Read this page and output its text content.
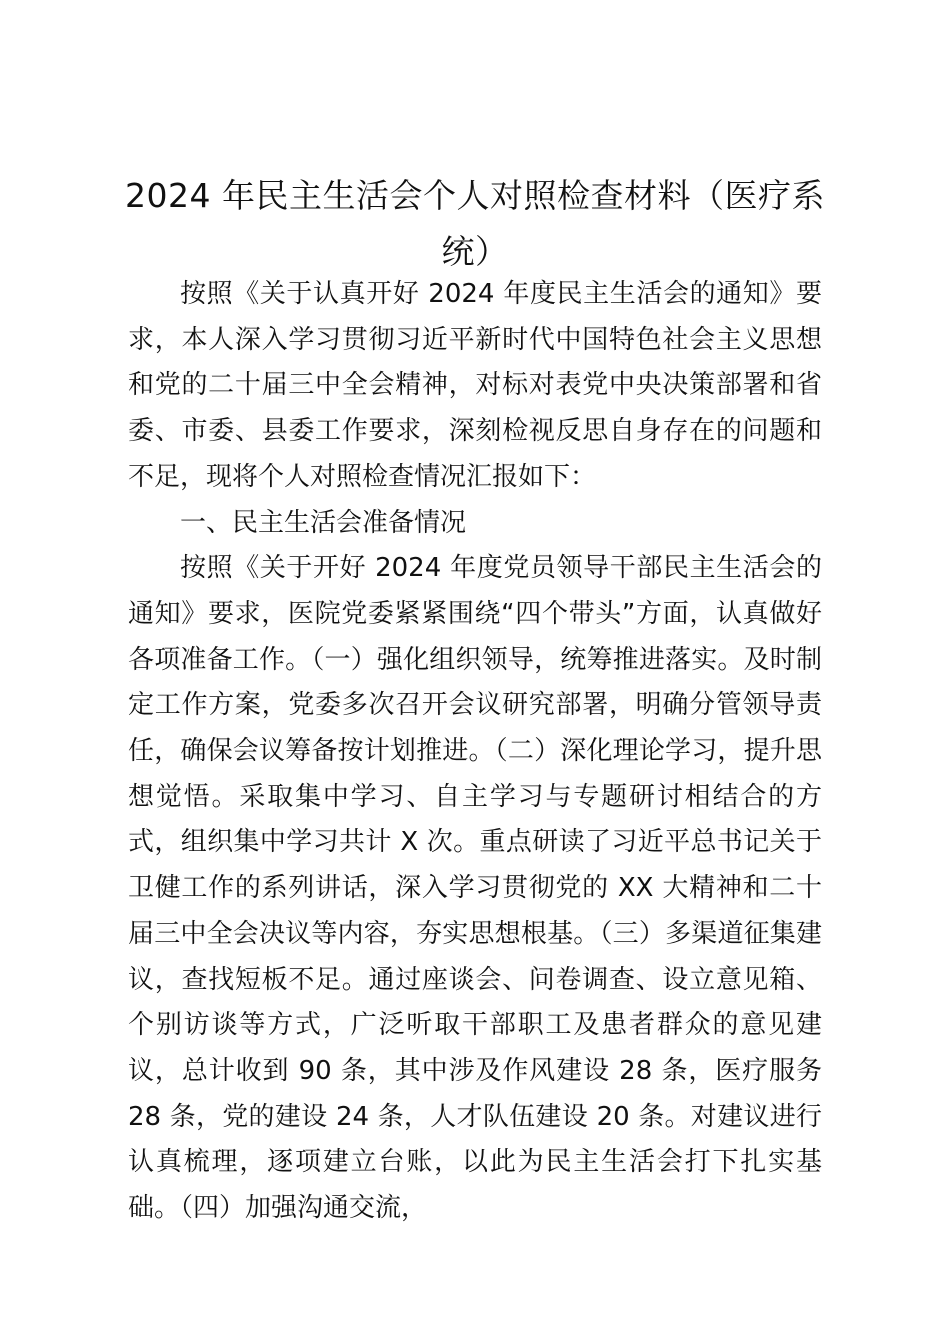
2024 年民主生活会个人对照检查材料（医疗系统）

按照《关于认真开好 2024 年度民主生活会的通知》要求，本人深入学习贯彻习近平新时代中国特色社会主义思想和党的二十届三中全会精神，对标对表党中央决策部署和省委、市委、县委工作要求，深刻检视反思自身存在的问题和不足，现将个人对照检查情况汇报如下：

一、民主生活会准备情况

按照《关于开好 2024 年度党员领导干部民主生活会的通知》要求，医院党委紧紧围绕“四个带头”方面，认真做好各项准备工作。（一）强化组织领导，统筹推进落实。及时制定工作方案，党委多次召开会议研究部署，明确分管领导责任，确保会议筹备按计划推进。（二）深化理论学习，提升思想觉悟。采取集中学习、自主学习与专题研讨相结合的方式，组织集中学习共计 X 次。重点研读了习近平总书记关于卫健工作的系列讲话，深入学习贯彻党的 XX 大精神和二十届三中全会决议等内容，夯实思想根基。（三）多渠道征集建议，查找短板不足。通过座谈会、问卷调查、设立意见箱、个别访谈等方式，广泛听取干部职工及患者群众的意见建议，总计收到 90 条，其中涉及作风建设 28 条，医疗服务 28 条，党的建设 24 条，人才队伍建设 20 条。对建议进行认真梳理，逐项建立台账，以此为民主生活会打下扎实基础。（四）加强沟通交流，
